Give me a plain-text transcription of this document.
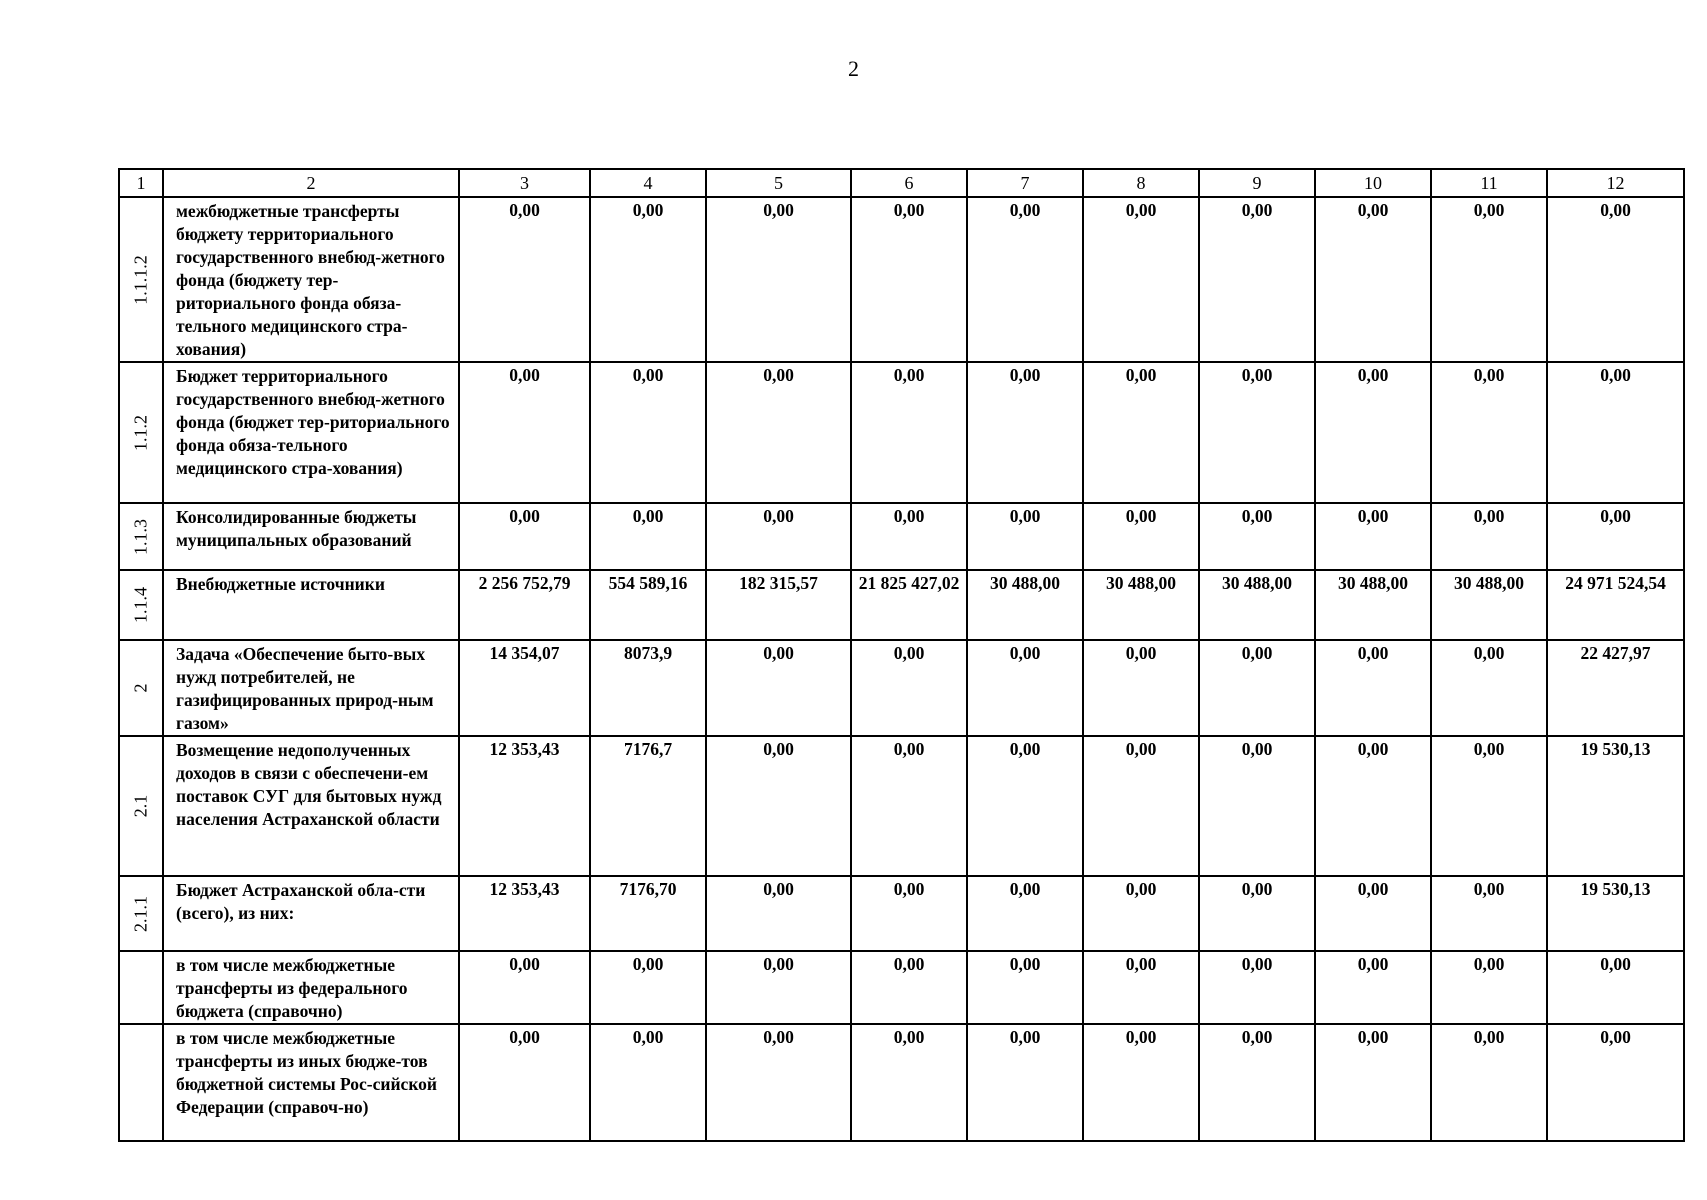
2
1	2	3	4	5	6	7	8	9	10	11	12

1.1.1.2	межбюджетные трансферты бюджету территориального государственного внебюд-жетного фонда (бюджету тер-риториального фонда обяза-тельного медицинского стра-хования)	0,00	0,00	0,00	0,00	0,00	0,00	0,00	0,00	0,00	0,00

1.1.2	Бюджет территориального государственного внебюд-жетного фонда (бюджет тер-риториального фонда обяза-тельного медицинского стра-хования)	0,00	0,00	0,00	0,00	0,00	0,00	0,00	0,00	0,00	0,00

1.1.3	Консолидированные бюджеты муниципальных образований	0,00	0,00	0,00	0,00	0,00	0,00	0,00	0,00	0,00	0,00

1.1.4	Внебюджетные источники	2 256 752,79	554 589,16	182 315,57	21 825 427,02	30 488,00	30 488,00	30 488,00	30 488,00	30 488,00	24 971 524,54

2	Задача «Обеспечение быто-вых нужд потребителей, не газифицированных природ-ным газом»	14 354,07	8073,9	0,00	0,00	0,00	0,00	0,00	0,00	0,00	22 427,97

2.1	Возмещение недополученных доходов в связи с обеспечени-ем поставок СУГ для бытовых нужд населения Астраханской области	12 353,43	7176,7	0,00	0,00	0,00	0,00	0,00	0,00	0,00	19 530,13

2.1.1	Бюджет Астраханской обла-сти (всего), из них:	12 353,43	7176,70	0,00	0,00	0,00	0,00	0,00	0,00	0,00	19 530,13

	в том числе межбюджетные трансферты из федерального бюджета (справочно)	0,00	0,00	0,00	0,00	0,00	0,00	0,00	0,00	0,00	0,00

	в том числе межбюджетные трансферты из иных бюдже-тов бюджетной системы Рос-сийской Федерации (справоч-но)	0,00	0,00	0,00	0,00	0,00	0,00	0,00	0,00	0,00	0,00
